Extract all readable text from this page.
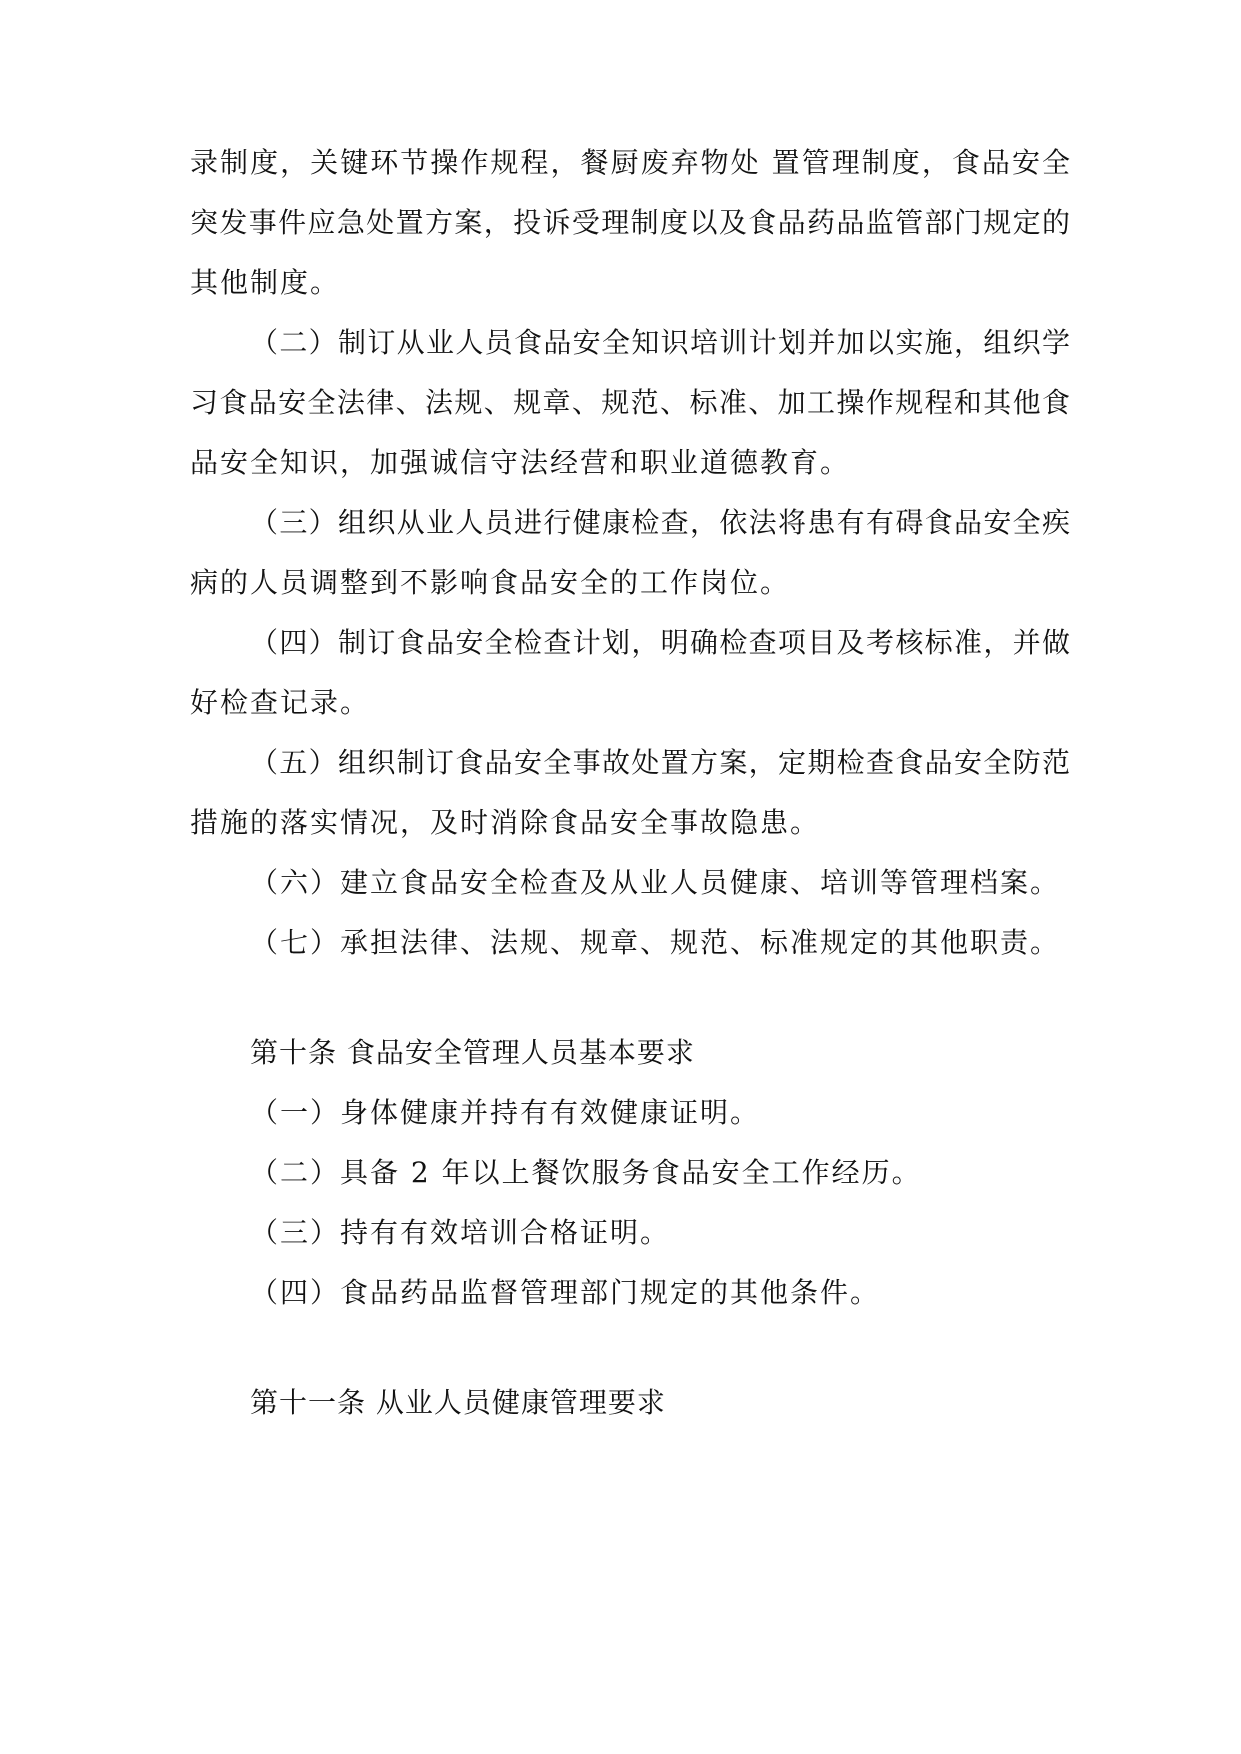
录制度，关键环节操作规程，餐厨废弃物处 置管理制度，食品安全
突发事件应急处置方案，投诉受理制度以及食品药品监管部门规定的
其他制度。
（二）制订从业人员食品安全知识培训计划并加以实施，组织学
习食品安全法律、法规、规章、规范、标准、加工操作规程和其他食
品安全知识，加强诚信守法经营和职业道德教育。
（三）组织从业人员进行健康检查，依法将患有有碍食品安全疾
病的人员调整到不影响食品安全的工作岗位。
（四）制订食品安全检查计划，明确检查项目及考核标准，并做
好检查记录。
（五）组织制订食品安全事故处置方案，定期检查食品安全防范
措施的落实情况，及时消除食品安全事故隐患。
（六）建立食品安全检查及从业人员健康、培训等管理档案。
（七）承担法律、法规、规章、规范、标准规定的其他职责。
第十条 食品安全管理人员基本要求
（一）身体健康并持有有效健康证明。
（二）具备 2 年以上餐饮服务食品安全工作经历。
（三）持有有效培训合格证明。
（四）食品药品监督管理部门规定的其他条件。
第十一条 从业人员健康管理要求
